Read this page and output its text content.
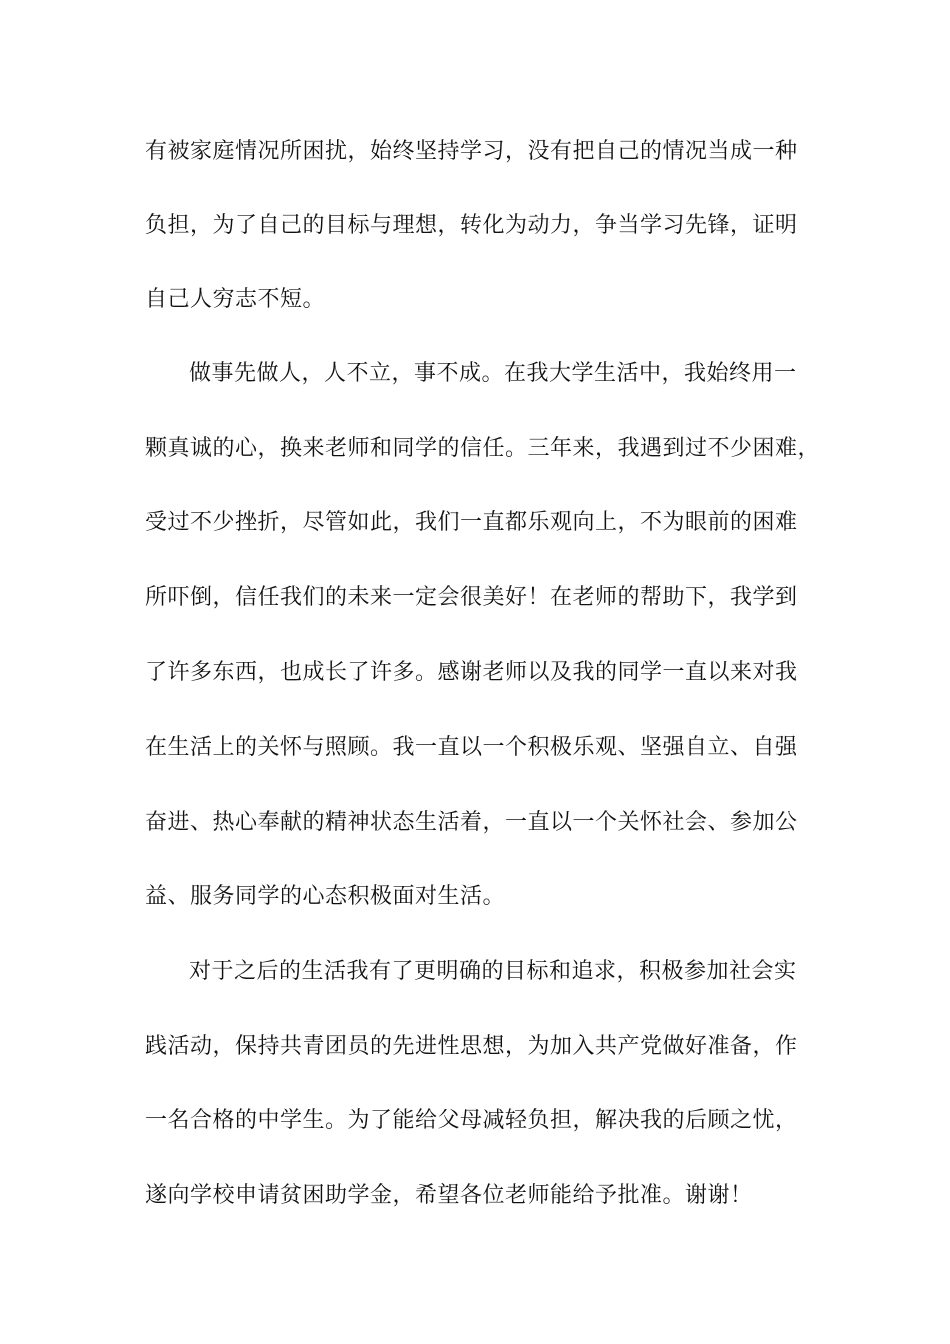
有被家庭情况所困扰，始终坚持学习，没有把自己的情况当成一种
负担，为了自己的目标与理想，转化为动力，争当学习先锋，证明
自己人穷志不短。
做事先做人，人不立，事不成。在我大学生活中，我始终用一
颗真诚的心，换来老师和同学的信任。三年来，我遇到过不少困难，
受过不少挫折，尽管如此，我们一直都乐观向上，不为眼前的困难
所吓倒，信任我们的未来一定会很美好！在老师的帮助下，我学到
了许多东西，也成长了许多。感谢老师以及我的同学一直以来对我
在生活上的关怀与照顾。我一直以一个积极乐观、坚强自立、自强
奋进、热心奉献的精神状态生活着，一直以一个关怀社会、参加公
益、服务同学的心态积极面对生活。
对于之后的生活我有了更明确的目标和追求，积极参加社会实
践活动，保持共青团员的先进性思想，为加入共产党做好准备，作
一名合格的中学生。为了能给父母减轻负担，解决我的后顾之忧，
遂向学校申请贫困助学金，希望各位老师能给予批准。谢谢！
